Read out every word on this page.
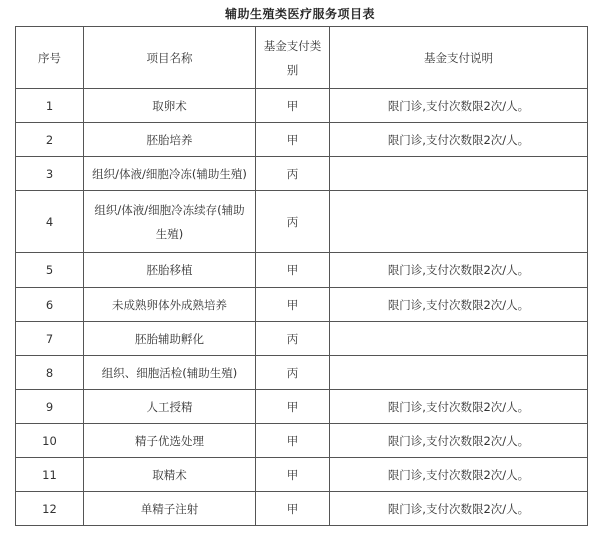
辅助生殖类医疗服务项目表
序号	项目名称	基金支付类别	基金支付说明
1	取卵术	甲	限门诊,支付次数限2次/人。
2	胚胎培养	甲	限门诊,支付次数限2次/人。
3	组织/体液/细胞冷冻(辅助生殖)	丙	
4	组织/体液/细胞冷冻续存(辅助生殖)	丙	
5	胚胎移植	甲	限门诊,支付次数限2次/人。
6	未成熟卵体外成熟培养	甲	限门诊,支付次数限2次/人。
7	胚胎辅助孵化	丙	
8	组织、细胞活检(辅助生殖)	丙	
9	人工授精	甲	限门诊,支付次数限2次/人。
10	精子优选处理	甲	限门诊,支付次数限2次/人。
11	取精术	甲	限门诊,支付次数限2次/人。
12	单精子注射	甲	限门诊,支付次数限2次/人。
